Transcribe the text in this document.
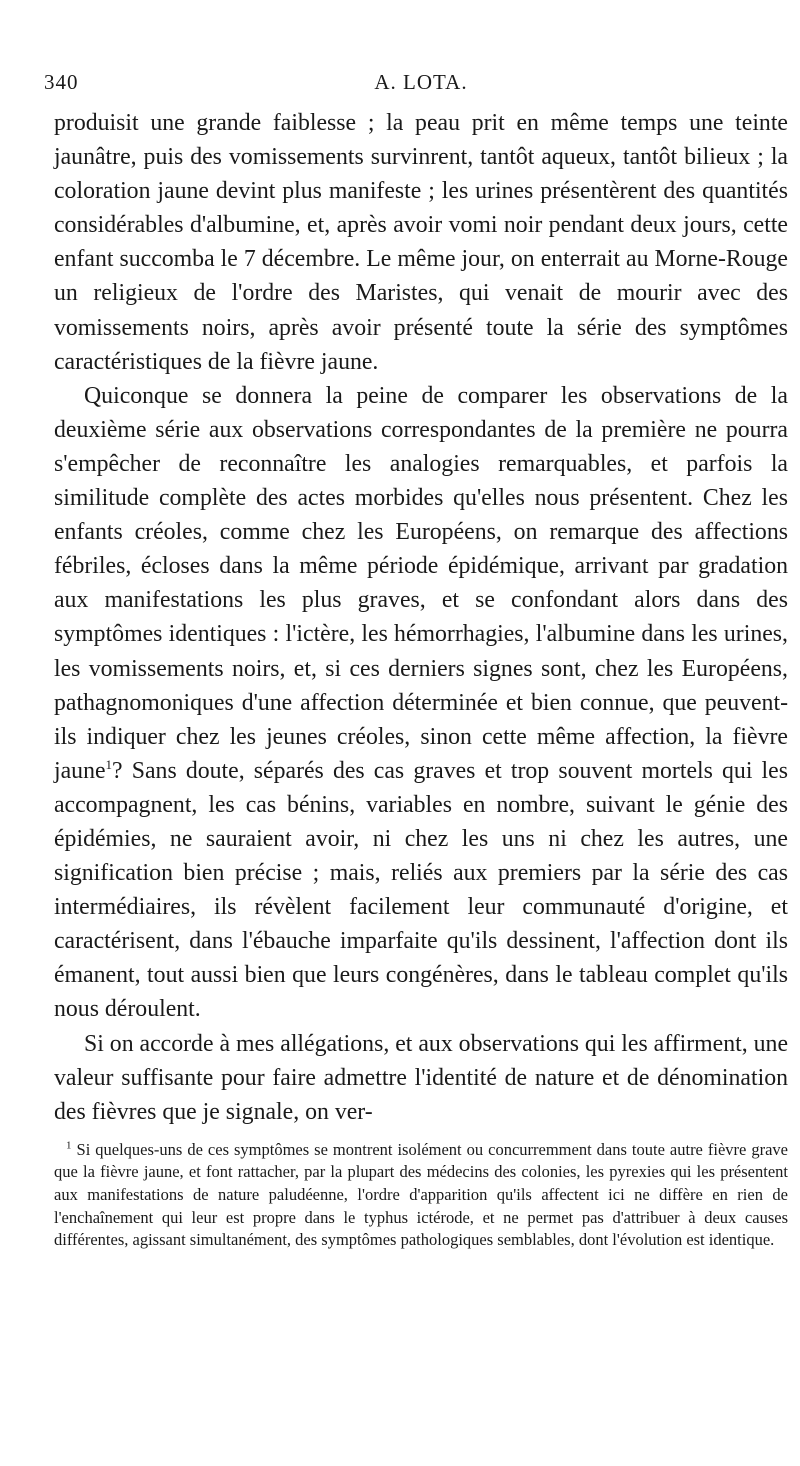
340	A. LOTA.

produisit une grande faiblesse ; la peau prit en même temps une teinte jaunâtre, puis des vomissements survinrent, tantôt aqueux, tantôt bilieux ; la coloration jaune devint plus manifeste ; les urines présentèrent des quantités considérables d'albumine, et, après avoir vomi noir pendant deux jours, cette enfant succomba le 7 décembre. Le même jour, on enterrait au Morne-Rouge un religieux de l'ordre des Maristes, qui venait de mourir avec des vomissements noirs, après avoir présenté toute la série des symptômes caractéristiques de la fièvre jaune.

Quiconque se donnera la peine de comparer les observations de la deuxième série aux observations correspondantes de la première ne pourra s'empêcher de reconnaître les analogies remarquables, et parfois la similitude complète des actes morbides qu'elles nous présentent. Chez les enfants créoles, comme chez les Européens, on remarque des affections fébriles, écloses dans la même période épidémique, arrivant par gradation aux manifestations les plus graves, et se confondant alors dans des symptômes identiques : l'ictère, les hémorrhagies, l'albumine dans les urines, les vomissements noirs, et, si ces derniers signes sont, chez les Européens, pathagnomoniques d'une affection déterminée et bien connue, que peuvent-ils indiquer chez les jeunes créoles, sinon cette même affection, la fièvre jaune$^1$? Sans doute, séparés des cas graves et trop souvent mortels qui les accompagnent, les cas bénins, variables en nombre, suivant le génie des épidémies, ne sauraient avoir, ni chez les uns ni chez les autres, une signification bien précise ; mais, reliés aux premiers par la série des cas intermédiaires, ils révèlent facilement leur communauté d'origine, et caractérisent, dans l'ébauche imparfaite qu'ils dessinent, l'affection dont ils émanent, tout aussi bien que leurs congénères, dans le tableau complet qu'ils nous déroulent.

Si on accorde à mes allégations, et aux observations qui les affirment, une valeur suffisante pour faire admettre l'identité de nature et de dénomination des fièvres que je signale, on ver-

$^1$ Si quelques-uns de ces symptômes se montrent isolément ou concurremment dans toute autre fièvre grave que la fièvre jaune, et font rattacher, par la plupart des médecins des colonies, les pyrexies qui les présentent aux manifestations de nature paludéenne, l'ordre d'apparition qu'ils affectent ici ne diffère en rien de l'enchaînement qui leur est propre dans le typhus ictérode, et ne permet pas d'attribuer à deux causes différentes, agissant simultanément, des symptômes pathologiques semblables, dont l'évolution est identique.
